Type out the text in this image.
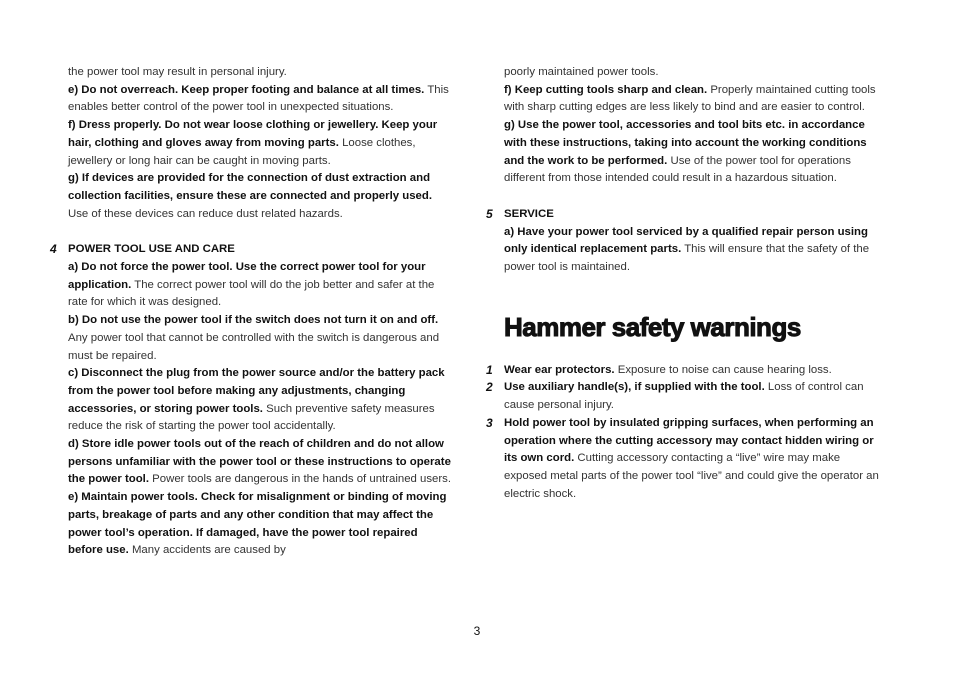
the power tool may result in personal injury.

e) Do not overreach. Keep proper footing and balance at all times. This enables better control of the power tool in unexpected situations.

f) Dress properly. Do not wear loose clothing or jewellery. Keep your hair, clothing and gloves away from moving parts. Loose clothes, jewellery or long hair can be caught in moving parts.

g) If devices are provided for the connection of dust extraction and collection facilities, ensure these are connected and properly used. Use of these devices can reduce dust related hazards.

4 POWER TOOL USE AND CARE

a) Do not force the power tool. Use the correct power tool for your application. The correct power tool will do the job better and safer at the rate for which it was designed.

b) Do not use the power tool if the switch does not turn it on and off. Any power tool that cannot be controlled with the switch is dangerous and must be repaired.

c) Disconnect the plug from the power source and/or the battery pack from the power tool before making any adjustments, changing accessories, or storing power tools. Such preventive safety measures reduce the risk of starting the power tool accidentally.

d) Store idle power tools out of the reach of children and do not allow persons unfamiliar with the power tool or these instructions to operate the power tool. Power tools are dangerous in the hands of untrained users.

e) Maintain power tools. Check for misalignment or binding of moving parts, breakage of parts and any other condition that may affect the power tool’s operation. If damaged, have the power tool repaired before use. Many accidents are caused by

poorly maintained power tools.

f) Keep cutting tools sharp and clean. Properly maintained cutting tools with sharp cutting edges are less likely to bind and are easier to control.

g) Use the power tool, accessories and tool bits etc. in accordance with these instructions, taking into account the working conditions and the work to be performed. Use of the power tool for operations different from those intended could result in a hazardous situation.

5 SERVICE

a) Have your power tool serviced by a qualified repair person using only identical replacement parts. This will ensure that the safety of the power tool is maintained.

Hammer safety warnings
1 Wear ear protectors. Exposure to noise can cause hearing loss.

2 Use auxiliary handle(s), if supplied with the tool. Loss of control can cause personal injury.

3 Hold power tool by insulated gripping surfaces, when performing an operation where the cutting accessory may contact hidden wiring or its own cord. Cutting accessory contacting a “live” wire may make exposed metal parts of the power tool “live” and could give the operator an electric shock.

3
